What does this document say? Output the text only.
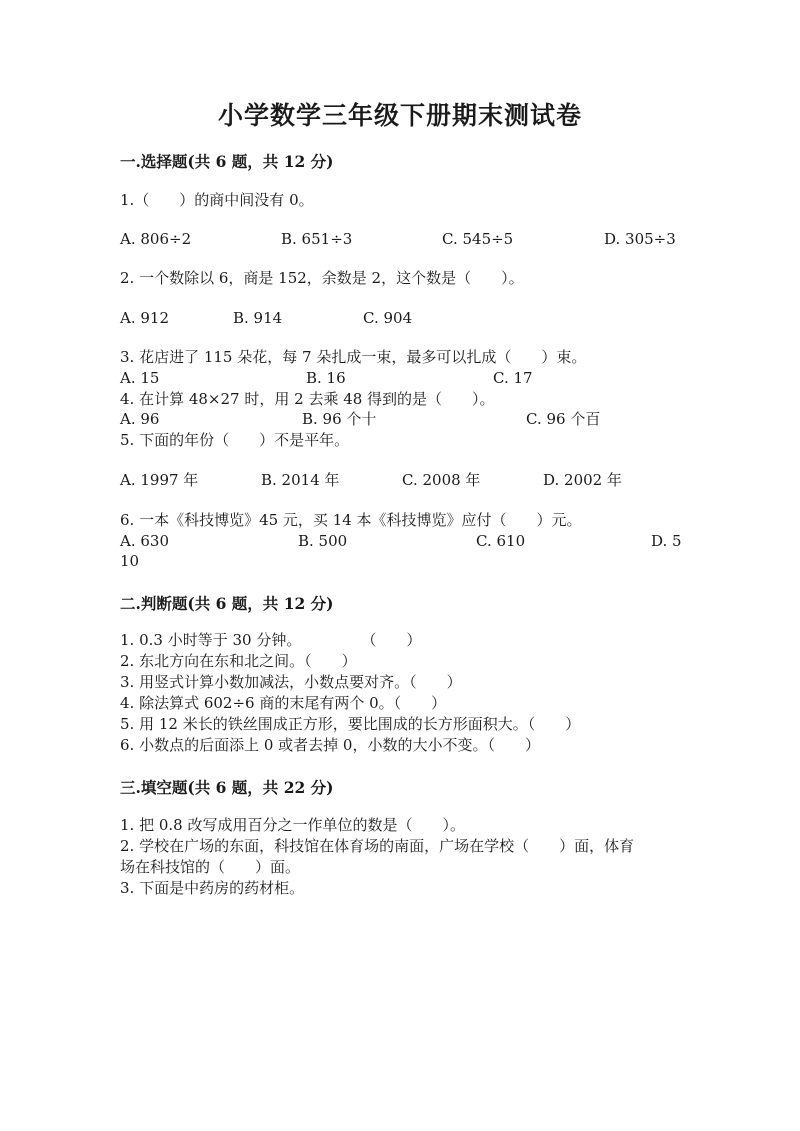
小学数学三年级下册期末测试卷
一.选择题(共 6 题，共 12 分)
1.（　　）的商中间没有 0。
A. 806÷2	B. 651÷3	C. 545÷5	D. 305÷3
2. 一个数除以 6，商是 152，余数是 2，这个数是（　　）。
A. 912	B. 914	C. 904
3. 花店进了 115 朵花，每 7 朵扎成一束，最多可以扎成（　　）束。
A. 15	B. 16	C. 17
4. 在计算 48×27 时，用 2 去乘 48 得到的是（　　）。
A. 96	B. 96 个十	C. 96 个百
5. 下面的年份（　　）不是平年。
A. 1997 年	B. 2014 年	C. 2008 年	D. 2002 年
6. 一本《科技博览》45 元，买 14 本《科技博览》应付（　　）元。
A. 630	B. 500	C. 610	D. 5
10
二.判断题(共 6 题，共 12 分)
1. 0.3 小时等于 30 分钟。　　　　　（　　）
2. 东北方向在东和北之间。（　　）
3. 用竖式计算小数加减法，小数点要对齐。（　　）
4. 除法算式 602÷6 商的末尾有两个 0。（　　）
5. 用 12 米长的铁丝围成正方形，要比围成的长方形面积大。（　　）
6. 小数点的后面添上 0 或者去掉 0，小数的大小不变。（　　）
三.填空题(共 6 题，共 22 分)
1. 把 0.8 改写成用百分之一作单位的数是（　　）。
2. 学校在广场的东面，科技馆在体育场的南面，广场在学校（　　）面，体育
场在科技馆的（　　）面。
3. 下面是中药房的药材柜。
